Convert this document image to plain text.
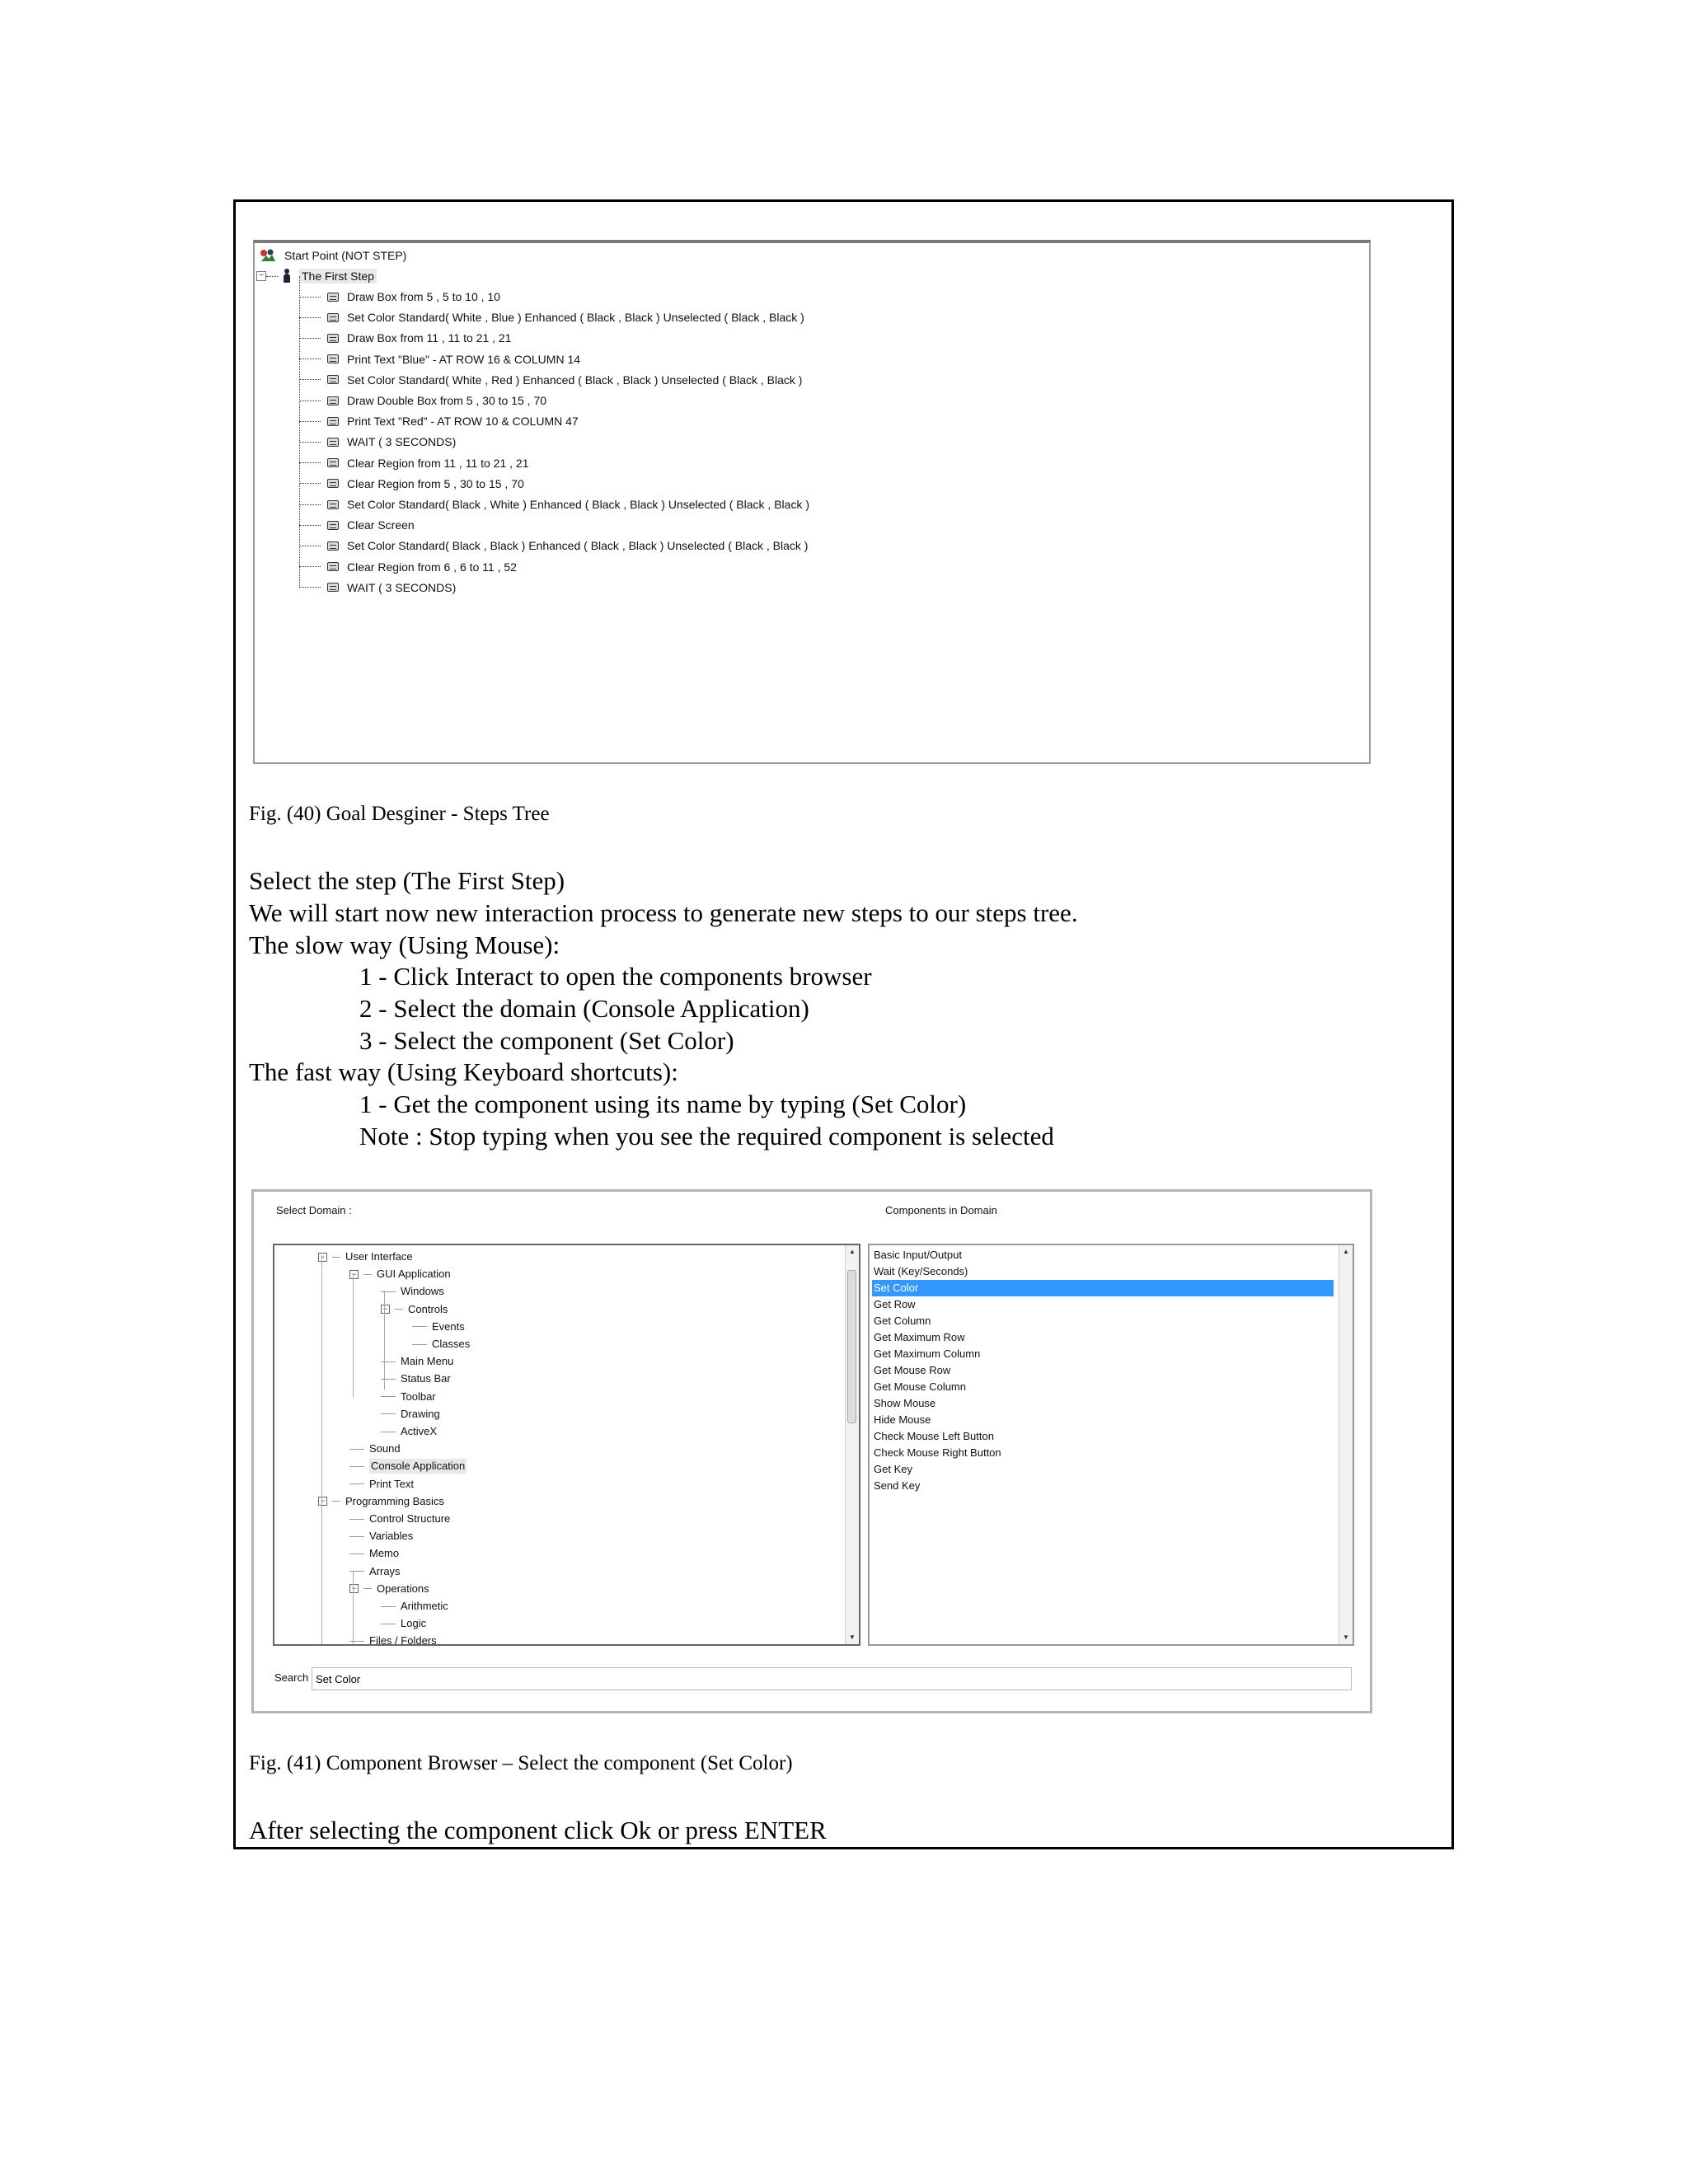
Start Point (NOT STEP)
−	The First Step
Draw Box from 5 , 5 to 10 , 10
Set Color Standard( White , Blue ) Enhanced ( Black , Black ) Unselected ( Black , Black )
Draw Box from 11 , 11 to 21 , 21
Print Text "Blue" - AT ROW 16 & COLUMN 14
Set Color Standard( White , Red ) Enhanced ( Black , Black ) Unselected ( Black , Black )
Draw Double Box from 5 , 30 to 15 , 70
Print Text "Red" - AT ROW 10 & COLUMN 47
WAIT ( 3 SECONDS)
Clear Region from 11 , 11 to 21 , 21
Clear Region from 5 , 30 to 15 , 70
Set Color Standard( Black , White ) Enhanced ( Black , Black ) Unselected ( Black , Black )
Clear Screen
Set Color Standard( Black , Black ) Enhanced ( Black , Black ) Unselected ( Black , Black )
Clear Region from 6 , 6 to 11 , 52
WAIT ( 3 SECONDS)
Fig. (40) Goal Desginer - Steps Tree
Select the step (The First Step)
We will start now new interaction process to generate new steps to our steps tree.
The slow way (Using Mouse):
1 - Click Interact to open the components browser
2 - Select the domain (Console Application)
3 - Select the component (Set Color)
The fast way (Using Keyboard shortcuts):
1 - Get the component using its name by typing (Set Color)
Note : Stop typing when you see the required component is selected
Select Domain :	Components in Domain
▲
▼
− User Interface
− GUI Application
Windows
− Controls
Events
Classes
Main Menu
Status Bar
Toolbar
Drawing
ActiveX
Sound
Console Application
Print Text
− Programming Basics
Control Structure
Variables
Memo
Arrays
− Operations
Arithmetic
Logic
Files / Folders
▲
▼
Basic Input/Output
Wait (Key/Seconds)
Set Color
Get Row
Get Column
Get Maximum Row
Get Maximum Column
Get Mouse Row
Get Mouse Column
Show Mouse
Hide Mouse
Check Mouse Left Button
Check Mouse Right Button
Get Key
Send Key
Search
Set Color
Fig. (41) Component Browser – Select the component (Set Color)
After selecting the component click Ok or press ENTER
